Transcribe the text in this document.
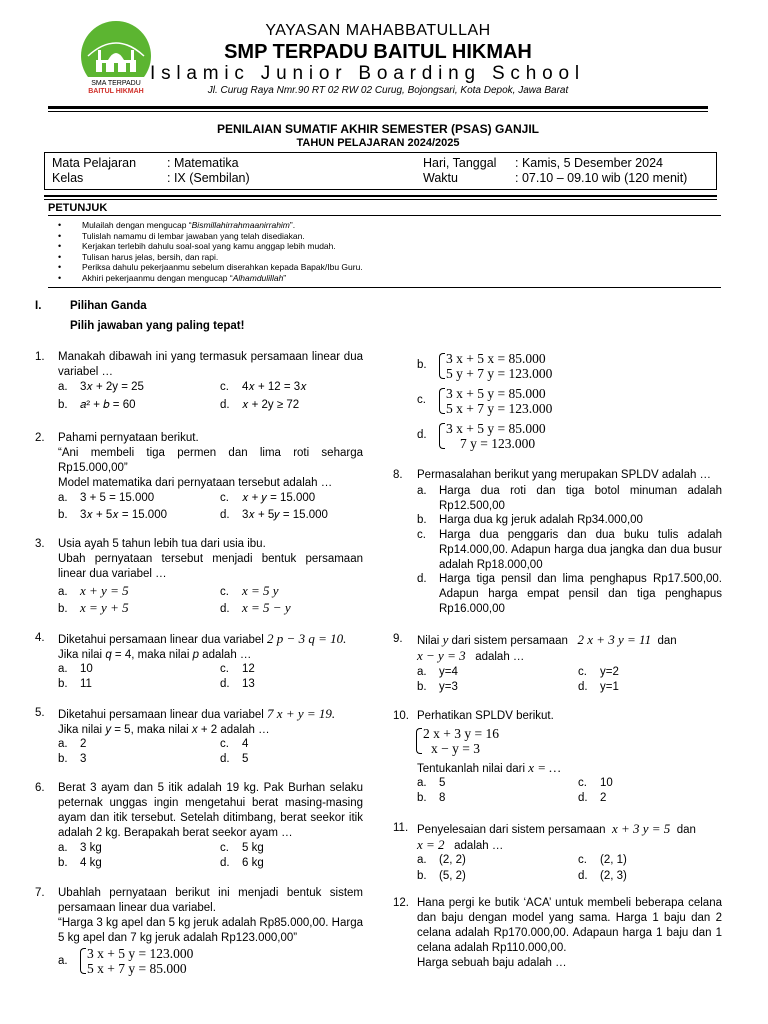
SMA TERPADU
BAITUL HIKMAH
YAYASAN MAHABBATULLAH
SMP TERPADU BAITUL HIKMAH
Islamic Junior Boarding School
Jl. Curug Raya Nmr.90 RT 02 RW 02 Curug, Bojongsari, Kota Depok, Jawa Barat
PENILAIAN SUMATIF AKHIR SEMESTER (PSAS) GANJIL
TAHUN PELAJARAN 2024/2025
Mata Pelajaran : Matematika
Kelas	: IX (Sembilan)
Hari, Tanggal : Kamis, 5 Desember 2024
Waktu	: 07.10 – 09.10 wib (120 menit)
PETUNJUK
• Mulailah dengan mengucap “Bismillahirrahmaanirrahim”.
• Tulislah namamu di lembar jawaban yang telah disediakan.
• Kerjakan terlebih dahulu soal-soal yang kamu anggap lebih mudah.
• Tulisan harus jelas, bersih, dan rapi.
• Periksa dahulu pekerjaanmu sebelum diserahkan kepada Bapak/Ibu Guru.
• Akhiri pekerjaanmu dengan mengucap “Alhamdulillah”
I. Pilihan Ganda
Pilih jawaban yang paling tepat!
1. Manakah dibawah ini yang termasuk persamaan linear dua variabel …
a. 3𝑥 + 2y = 25
b. 𝑎² + 𝑏 = 60
c. 4𝑥 + 12 = 3𝑥
d. 𝑥 + 2y ≥ 72
2. Pahami pernyataan berikut.
“Ani membeli tiga permen dan lima roti seharga Rp15.000,00”
Model matematika dari pernyataan tersebut adalah …
a. 3 + 5 = 15.000
b. 3𝑥 + 5𝑥 = 15.000
c. 𝑥 + 𝑦 = 15.000
d. 3𝑥 + 5𝑦 = 15.000
3. Usia ayah 5 tahun lebih tua dari usia ibu.
Ubah pernyataan tersebut menjadi bentuk persamaan linear dua variabel …
a. x + y = 5
b. x = y + 5
c. x = 5 y
d. x = 5 − y
4. Diketahui persamaan linear dua variabel 2 p − 3 q = 10.
Jika nilai q = 4, maka nilai p adalah …
a. 10
b. 11
c. 12
d. 13
5. Diketahui persamaan linear dua variabel 7 x + y = 19.
Jika nilai y = 5, maka nilai x + 2 adalah …
a. 2
b. 3
c. 4
d. 5
6. Berat 3 ayam dan 5 itik adalah 19 kg. Pak Burhan selaku peternak unggas ingin mengetahui berat masing-masing ayam dan itik tersebut. Setelah ditimbang, berat seekor itik adalah 2 kg. Berapakah berat seekor ayam …
a. 3 kg
b. 4 kg
c. 5 kg
d. 6 kg
7. Ubahlah pernyataan berikut ini menjadi bentuk sistem persamaan linear dua variabel.
“Harga 3 kg apel dan 5 kg jeruk adalah Rp85.000,00. Harga 5 kg apel dan 7 kg jeruk adalah Rp123.000,00”
a.	3 x + 5 y = 123.000
5 x + 7 y = 85.000
b. 3 x + 5 x = 85.000
5 y + 7 y = 123.000
c. 3 x + 5 y = 85.000
5 x + 7 y = 123.000
d. 3 x + 5 y = 85.000
7 y = 123.000
8. Permasalahan berikut yang merupakan SPLDV adalah …
a.	Harga dua roti dan tiga botol minuman adalah Rp12.500,00
b.	Harga dua kg jeruk adalah Rp34.000,00
c.	Harga dua penggaris dan dua buku tulis adalah Rp14.000,00. Adapun harga dua jangka dan dua busur adalah Rp18.000,00
d.	Harga tiga pensil dan lima penghapus Rp17.500,00. Adapun harga empat pensil dan tiga penghapus Rp16.000,00
9. Nilai y dari sistem persamaan 2 x + 3 y = 11 dan
x − y = 3 adalah …
a. y=4
b. y=3
c. y=2
d. y=1
10. Perhatikan SPLDV berikut.
2 x + 3 y = 16
x − y = 3
Tentukanlah nilai dari x = …
a. 5
b. 8
c. 10
d. 2
11. Penyelesaian dari sistem persamaan x + 3 y = 5 dan
x = 2 adalah …
a. (2, 2)
b. (5, 2)
c. (2, 1)
d. (2, 3)
12. Hana pergi ke butik ‘ACA’ untuk membeli beberapa celana dan baju dengan model yang sama. Harga 1 baju dan 2 celana adalah Rp170.000,00. Adapaun harga 1 baju dan 1 celana adalah Rp110.000,00.
Harga sebuah baju adalah …
